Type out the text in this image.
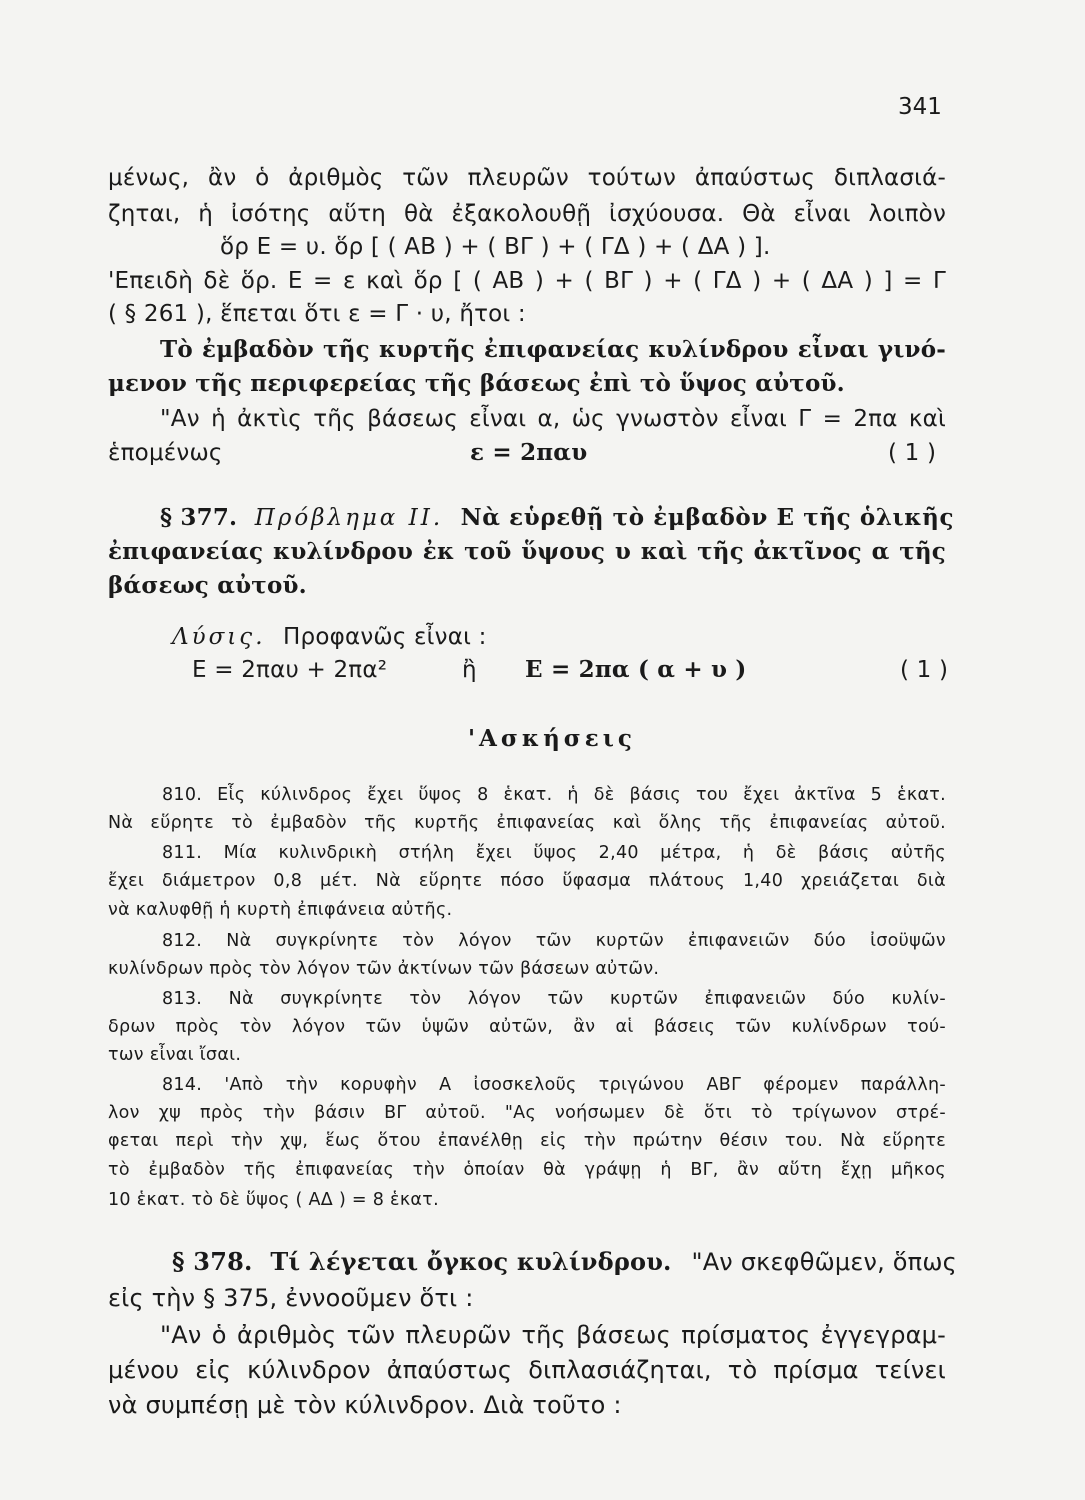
341
μένως, ἂν ὁ ἀριθμὸς τῶν πλευρῶν τούτων ἀπαύστως διπλασιά-
ζηται, ἡ ἰσότης αὕτη θὰ ἐξακολουθῇ ἰσχύουσα. Θὰ εἶναι λοιπὸν
ὅρ Ε = υ. ὅρ [ ( ΑΒ ) + ( ΒΓ ) + ( ΓΔ ) + ( ΔΑ ) ].
'Επειδὴ δὲ ὅρ. Ε = ε καὶ ὅρ [ ( ΑΒ ) + ( ΒΓ ) + ( ΓΔ ) + ( ΔΑ ) ] = Γ
( § 261 ), ἕπεται ὅτι ε = Γ · υ, ἤτοι :
Τὸ ἐμβαδὸν τῆς κυρτῆς ἐπιφανείας κυλίνδρου εἶναι γινό-
μενον τῆς περιφερείας τῆς βάσεως ἐπὶ τὸ ὕψος αὐτοῦ.
"Αν ἡ ἀκτὶς τῆς βάσεως εἶναι α, ὡς γνωστὸν εἶναι Γ = 2πα καὶ
ἑπομένως	ε = 2παυ	( 1 )
§ 377. Πρόβλημα ΙΙ. Νὰ εὑρεθῇ τὸ ἐμβαδὸν Ε τῆς ὁλικῆς
ἐπιφανείας κυλίνδρου ἐκ τοῦ ὕψους υ καὶ τῆς ἀκτῖνος α τῆς
βάσεως αὐτοῦ.
Λύσις. Προφανῶς εἶναι :
Ε = 2παυ + 2πα²	ἢ Ε = 2πα ( α + υ )	( 1 )
'Ασκήσεις
810. Εἷς κύλινδρος ἔχει ὕψος 8 ἑκατ. ἡ δὲ βάσις του ἔχει ἀκτῖνα 5 ἑκατ.
Νὰ εὕρητε τὸ ἐμβαδὸν τῆς κυρτῆς ἐπιφανείας καὶ ὅλης τῆς ἐπιφανείας αὐτοῦ.
811. Μία κυλινδρικὴ στήλη ἔχει ὕψος 2,40 μέτρα, ἡ δὲ βάσις αὐτῆς
ἔχει διάμετρον 0,8 μέτ. Νὰ εὕρητε πόσο ὕφασμα πλάτους 1,40 χρειάζεται διὰ
νὰ καλυφθῇ ἡ κυρτὴ ἐπιφάνεια αὐτῆς.
812. Νὰ συγκρίνητε τὸν λόγον τῶν κυρτῶν ἐπιφανειῶν δύο ἰσοϋψῶν
κυλίνδρων πρὸς τὸν λόγον τῶν ἀκτίνων τῶν βάσεων αὐτῶν.
813. Νὰ συγκρίνητε τὸν λόγον τῶν κυρτῶν ἐπιφανειῶν δύο κυλίν-
δρων πρὸς τὸν λόγον τῶν ὑψῶν αὐτῶν, ἂν αἱ βάσεις τῶν κυλίνδρων τού-
των εἶναι ἴσαι.
814. 'Απὸ τὴν κορυφὴν Α ἰσοσκελοῦς τριγώνου ΑΒΓ φέρομεν παράλλη-
λον χψ πρὸς τὴν βάσιν ΒΓ αὐτοῦ. "Ας νοήσωμεν δὲ ὅτι τὸ τρίγωνον στρέ-
φεται περὶ τὴν χψ, ἕως ὅτου ἐπανέλθῃ εἰς τὴν πρώτην θέσιν του. Νὰ εὕρητε
τὸ ἐμβαδὸν τῆς ἐπιφανείας τὴν ὁποίαν θὰ γράψῃ ἡ ΒΓ, ἂν αὕτη ἔχῃ μῆκος
10 ἑκατ. τὸ δὲ ὕψος ( ΑΔ ) = 8 ἑκατ.
§ 378. Τί λέγεται ὄγκος κυλίνδρου. "Αν σκεφθῶμεν, ὅπως
εἰς τὴν § 375, ἐννοοῦμεν ὅτι :
"Αν ὁ ἀριθμὸς τῶν πλευρῶν τῆς βάσεως πρίσματος ἐγγεγραμ-
μένου εἰς κύλινδρον ἀπαύστως διπλασιάζηται, τὸ πρίσμα τείνει
νὰ συμπέσῃ μὲ τὸν κύλινδρον. Διὰ τοῦτο :
